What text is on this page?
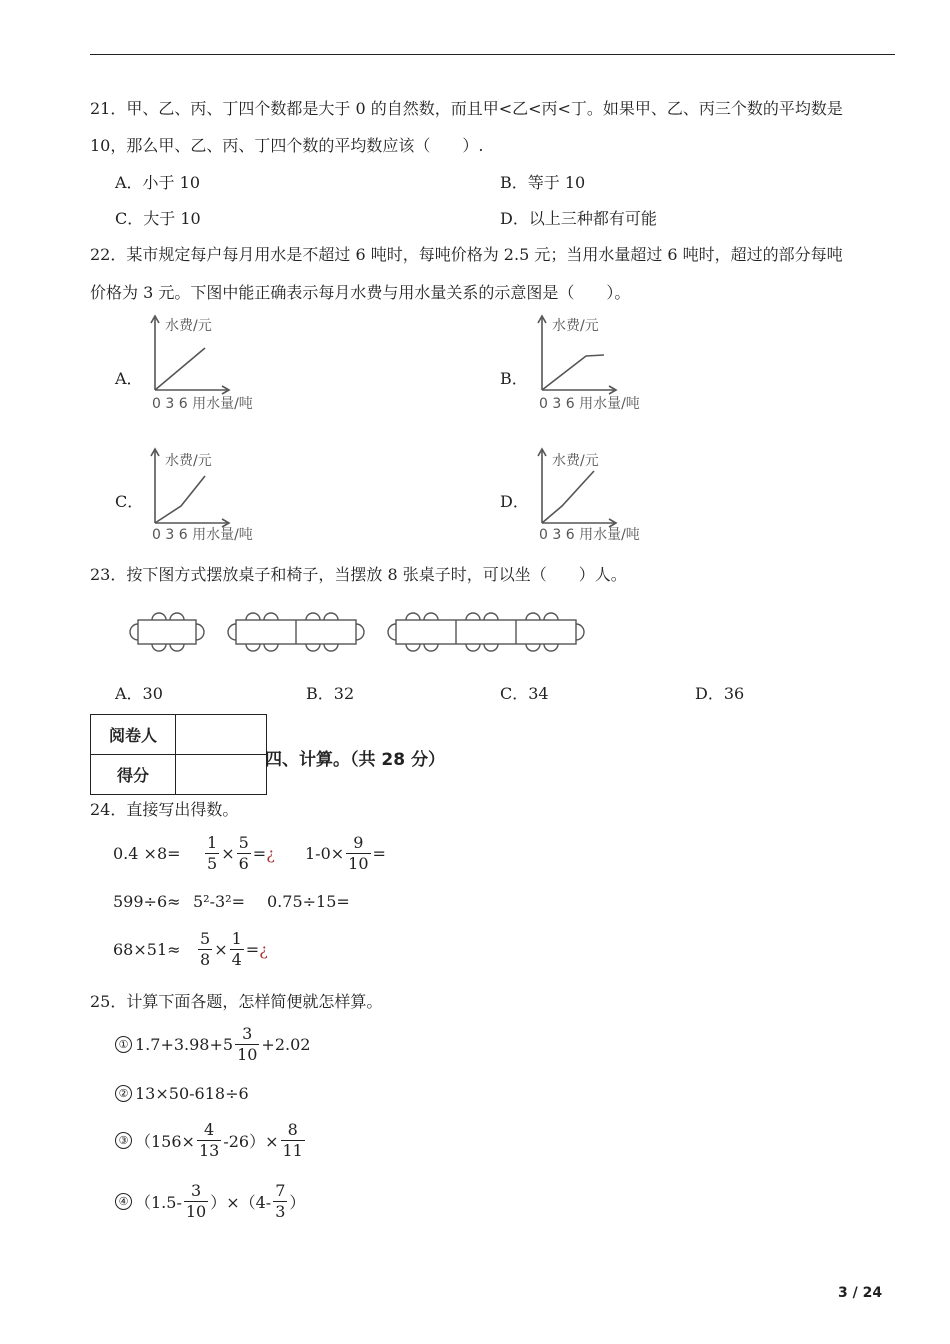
21．甲、乙、丙、丁四个数都是大于 0 的自然数，而且甲<乙<丙<丁。如果甲、乙、丙三个数的平均数是
10，那么甲、乙、丙、丁四个数的平均数应该（　　）.
A．小于 10	B．等于 10
C．大于 10	D．以上三种都有可能
22．某市规定每户每月用水是不超过 6 吨时，每吨价格为 2.5 元；当用水量超过 6 吨时，超过的部分每吨
价格为 3 元。下图中能正确表示每月水费与用水量关系的示意图是（　　）。
A．
水费/元
0 3 6 用水量/吨
B．
水费/元
0 3 6 用水量/吨
C．
水费/元
0 3 6 用水量/吨
D．
水费/元
0 3 6 用水量/吨
23．按下图方式摆放桌子和椅子，当摆放 8 张桌子时，可以坐（　　）人。
A．30	B．32	C．34	D．36
阅卷人	
得分	
四、计算。（共 28 分）
24．直接写出得数。
$0.4 \times 8= \frac{1}{5} \times \frac{5}{6}$ = ¿ $1-0\times \frac{9}{10}$ =
599÷6≈ 5²-3²= 0.75÷15=
$68\times 51\approx \frac{5}{8} \times \frac{1}{4}$ = ¿
25．计算下面各题，怎样简便就怎样算。
① $1.7+3.98+5 \frac{3}{10} +2.02$
② 13×50-618÷6
③ $(156\times \frac{4}{13} -26)\times \frac{8}{11}$
④ $(1.5- \frac{3}{10} )\times(4- \frac{7}{3}$ ）
3 / 24
